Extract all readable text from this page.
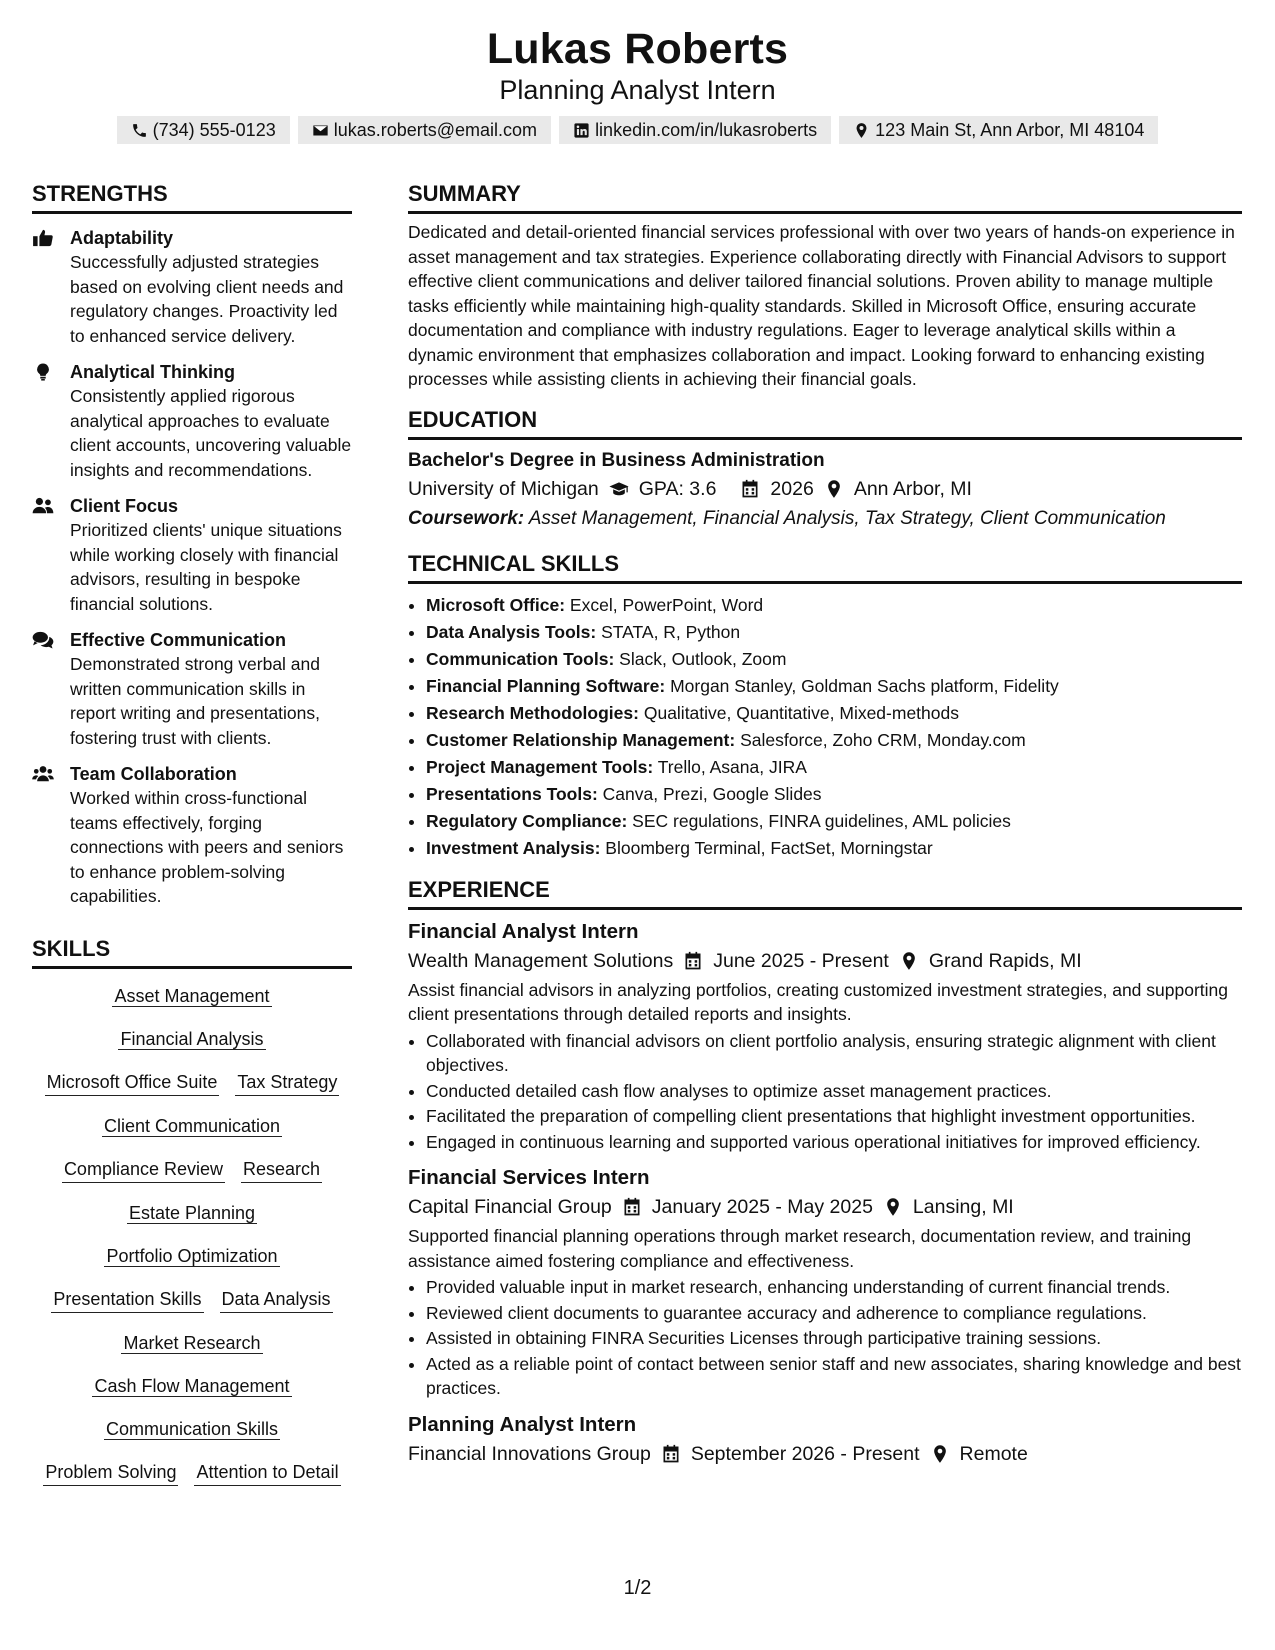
Lukas Roberts
Planning Analyst Intern
(734) 555-0123	lukas.roberts@email.com	linkedin.com/in/lukasroberts	123 Main St, Ann Arbor, MI 48104
STRENGTHS
Adaptability
Successfully adjusted strategies based on evolving client needs and regulatory changes. Proactivity led to enhanced service delivery.
Analytical Thinking
Consistently applied rigorous analytical approaches to evaluate client accounts, uncovering valuable insights and recommendations.
Client Focus
Prioritized clients' unique situations while working closely with financial advisors, resulting in bespoke financial solutions.
Effective Communication
Demonstrated strong verbal and written communication skills in report writing and presentations, fostering trust with clients.
Team Collaboration
Worked within cross-functional teams effectively, forging connections with peers and seniors to enhance problem-solving capabilities.
SKILLS
Asset Management
Financial Analysis
Microsoft Office Suite Tax Strategy
Client Communication
Compliance Review Research
Estate Planning
Portfolio Optimization
Presentation Skills Data Analysis
Market Research
Cash Flow Management
Communication Skills
Problem Solving Attention to Detail
SUMMARY
Dedicated and detail-oriented financial services professional with over two years of hands-on experience in asset management and tax strategies. Experience collaborating directly with Financial Advisors to support effective client communications and deliver tailored financial solutions. Proven ability to manage multiple tasks efficiently while maintaining high-quality standards. Skilled in Microsoft Office, ensuring accurate documentation and compliance with industry regulations. Eager to leverage analytical skills within a dynamic environment that emphasizes collaboration and impact. Looking forward to enhancing existing processes while assisting clients in achieving their financial goals.
EDUCATION
Bachelor's Degree in Business Administration
University of Michigan GPA: 3.6	2026 Ann Arbor, MI
Coursework: Asset Management, Financial Analysis, Tax Strategy, Client Communication
TECHNICAL SKILLS
• Microsoft Office: Excel, PowerPoint, Word
• Data Analysis Tools: STATA, R, Python
• Communication Tools: Slack, Outlook, Zoom
• Financial Planning Software: Morgan Stanley, Goldman Sachs platform, Fidelity
• Research Methodologies: Qualitative, Quantitative, Mixed-methods
• Customer Relationship Management: Salesforce, Zoho CRM, Monday.com
• Project Management Tools: Trello, Asana, JIRA
• Presentations Tools: Canva, Prezi, Google Slides
• Regulatory Compliance: SEC regulations, FINRA guidelines, AML policies
• Investment Analysis: Bloomberg Terminal, FactSet, Morningstar
EXPERIENCE
Financial Analyst Intern
Wealth Management Solutions June 2025 - Present Grand Rapids, MI
Assist financial advisors in analyzing portfolios, creating customized investment strategies, and supporting client presentations through detailed reports and insights.
• Collaborated with financial advisors on client portfolio analysis, ensuring strategic alignment with client objectives.
• Conducted detailed cash flow analyses to optimize asset management practices.
• Facilitated the preparation of compelling client presentations that highlight investment opportunities.
• Engaged in continuous learning and supported various operational initiatives for improved efficiency.
Financial Services Intern
Capital Financial Group January 2025 - May 2025 Lansing, MI
Supported financial planning operations through market research, documentation review, and training assistance aimed fostering compliance and effectiveness.
• Provided valuable input in market research, enhancing understanding of current financial trends.
• Reviewed client documents to guarantee accuracy and adherence to compliance regulations.
• Assisted in obtaining FINRA Securities Licenses through participative training sessions.
• Acted as a reliable point of contact between senior staff and new associates, sharing knowledge and best practices.
Planning Analyst Intern
Financial Innovations Group September 2026 - Present Remote
1/2
